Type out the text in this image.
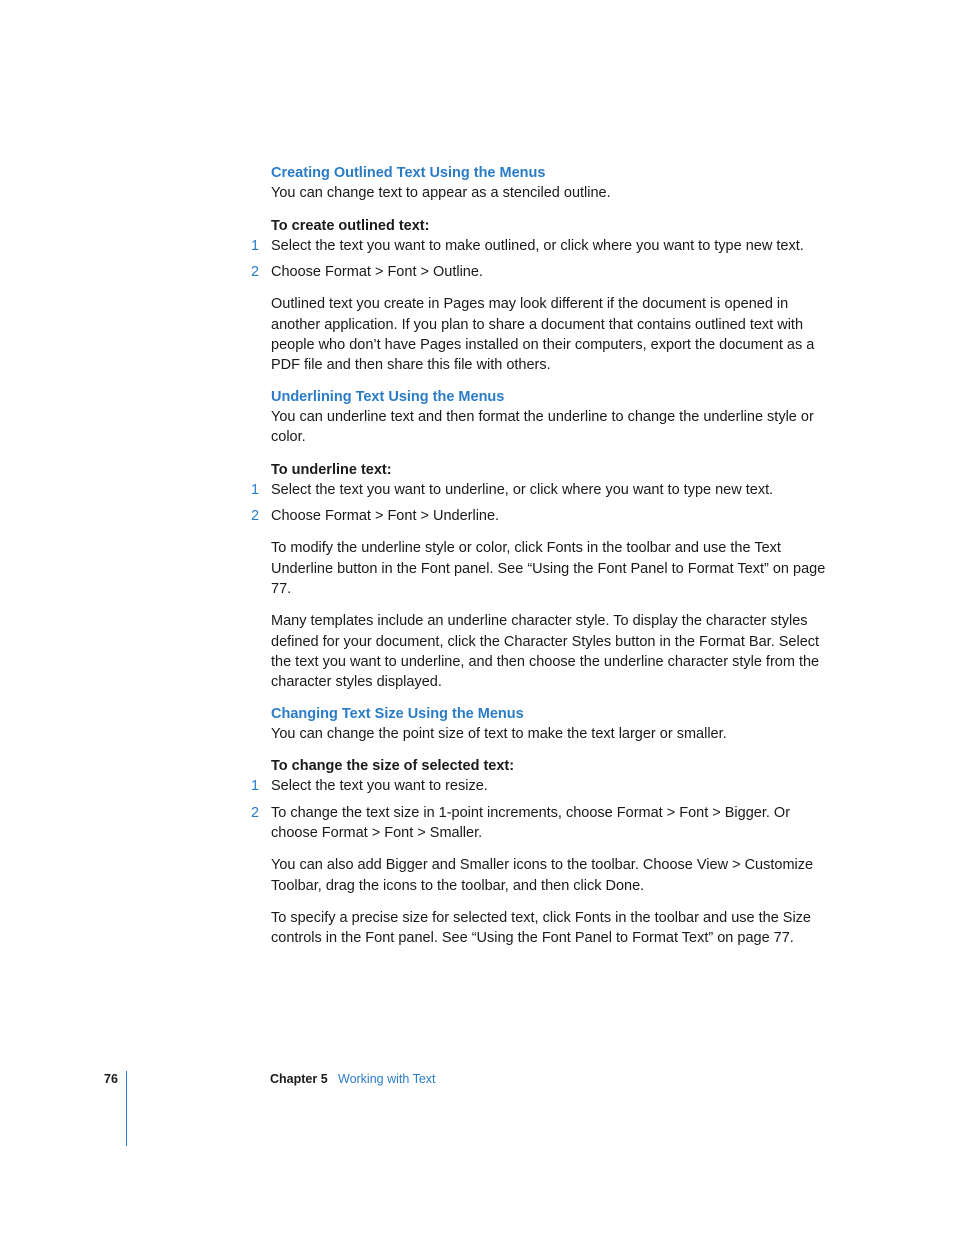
Creating Outlined Text Using the Menus

You can change text to appear as a stenciled outline.

To create outlined text:

1 Select the text you want to make outlined, or click where you want to type new text.
2 Choose Format > Font > Outline.

Outlined text you create in Pages may look different if the document is opened in another application. If you plan to share a document that contains outlined text with people who don’t have Pages installed on their computers, export the document as a PDF file and then share this file with others.

Underlining Text Using the Menus

You can underline text and then format the underline to change the underline style or color.

To underline text:

1 Select the text you want to underline, or click where you want to type new text.
2 Choose Format > Font > Underline.

To modify the underline style or color, click Fonts in the toolbar and use the Text Underline button in the Font panel. See “Using the Font Panel to Format Text” on page 77.

Many templates include an underline character style. To display the character styles defined for your document, click the Character Styles button in the Format Bar. Select the text you want to underline, and then choose the underline character style from the character styles displayed.

Changing Text Size Using the Menus

You can change the point size of text to make the text larger or smaller.

To change the size of selected text:

1 Select the text you want to resize.
2 To change the text size in 1-point increments, choose Format > Font > Bigger. Or choose Format > Font > Smaller.

You can also add Bigger and Smaller icons to the toolbar. Choose View > Customize Toolbar, drag the icons to the toolbar, and then click Done.

To specify a precise size for selected text, click Fonts in the toolbar and use the Size controls in the Font panel. See “Using the Font Panel to Format Text” on page 77.

76	Chapter 5 Working with Text
